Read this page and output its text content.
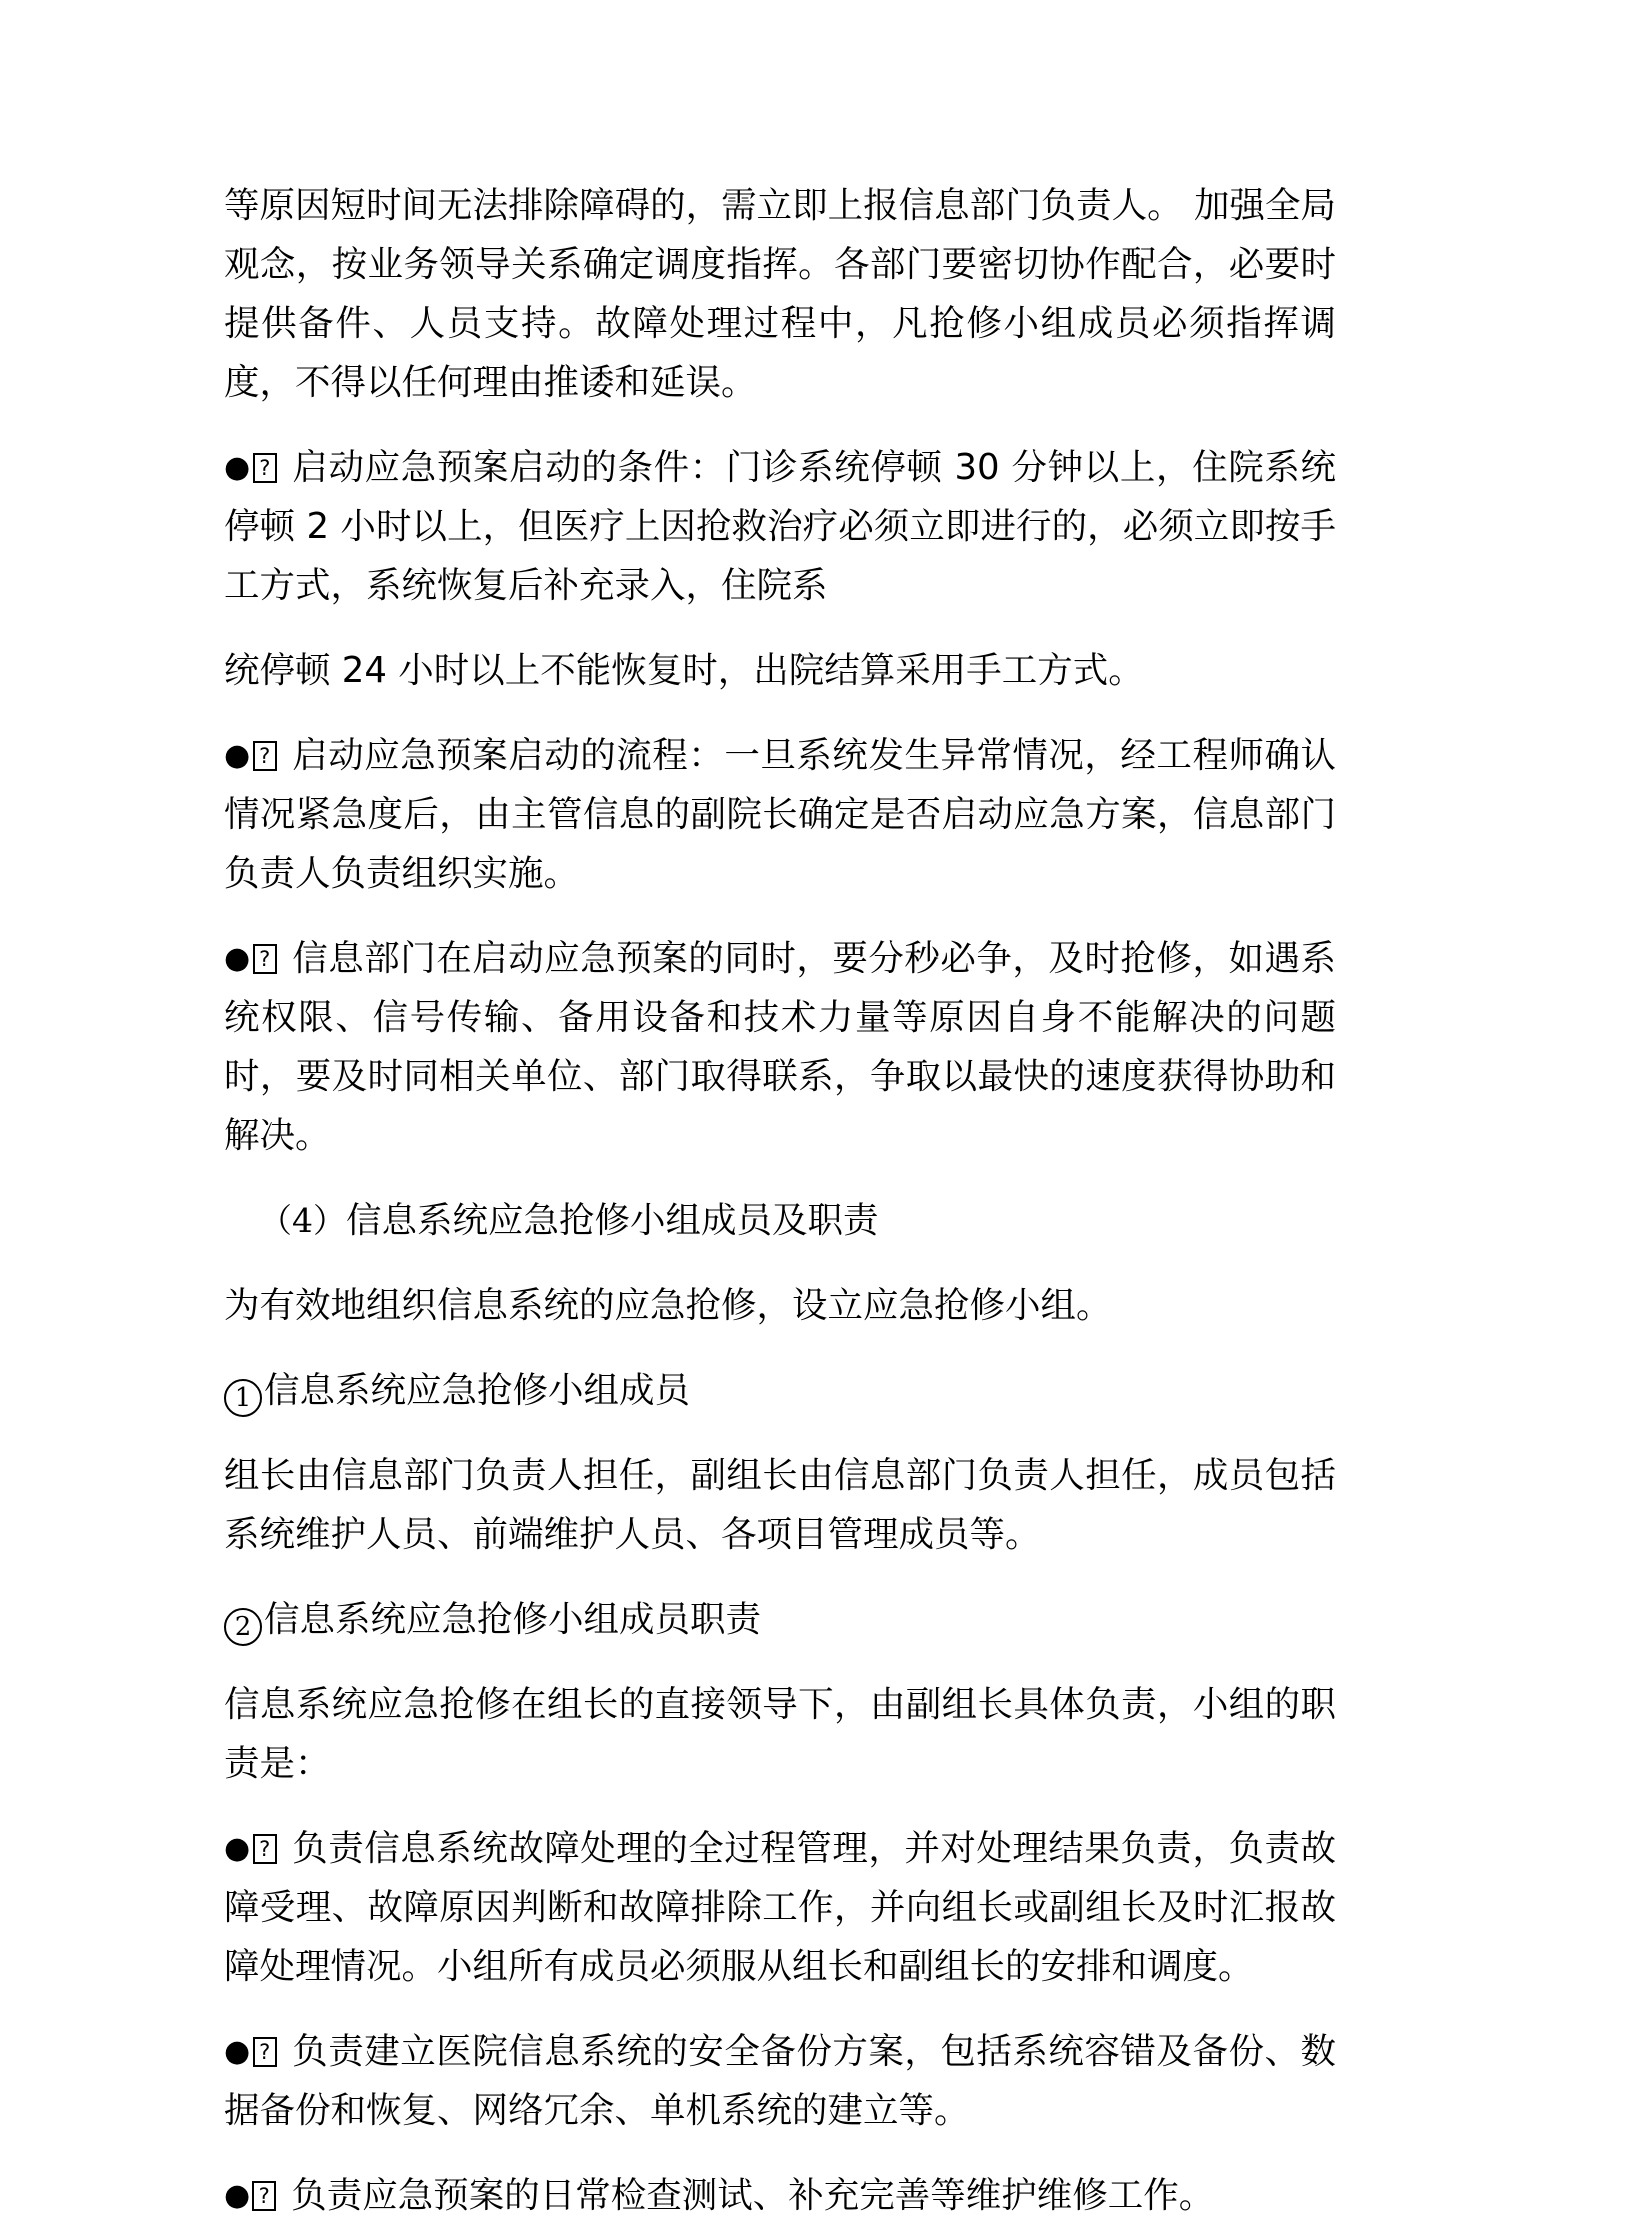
等原因短时间无法排除障碍的，需立即上报信息部门负责人。 加强全局观念，按业务领导关系确定调度指挥。各部门要密切协作配合，必要时提供备件、人员支持。故障处理过程中，凡抢修小组成员必须指挥调度，不得以任何理由推诿和延误。

● ? 启动应急预案启动的条件：门诊系统停顿 30 分钟以上，住院系统停顿 2 小时以上，但医疗上因抢救治疗必须立即进行的，必须立即按手工方式，系统恢复后补充录入，住院系

统停顿 24 小时以上不能恢复时，出院结算采用手工方式。

● ? 启动应急预案启动的流程：一旦系统发生异常情况，经工程师确认情况紧急度后，由主管信息的副院长确定是否启动应急方案，信息部门负责人负责组织实施。

● ? 信息部门在启动应急预案的同时，要分秒必争，及时抢修，如遇系统权限、信号传输、备用设备和技术力量等原因自身不能解决的问题时，要及时同相关单位、部门取得联系，争取以最快的速度获得协助和解决。

（4）信息系统应急抢修小组成员及职责

为有效地组织信息系统的应急抢修，设立应急抢修小组。

1 信息系统应急抢修小组成员

组长由信息部门负责人担任，副组长由信息部门负责人担任，成员包括系统维护人员、前端维护人员、各项目管理成员等。

2 信息系统应急抢修小组成员职责

信息系统应急抢修在组长的直接领导下，由副组长具体负责，小组的职责是：

● ? 负责信息系统故障处理的全过程管理，并对处理结果负责，负责故障受理、故障原因判断和故障排除工作，并向组长或副组长及时汇报故障处理情况。小组所有成员必须服从组长和副组长的安排和调度。

● ? 负责建立医院信息系统的安全备份方案，包括系统容错及备份、数据备份和恢复、网络冗余、单机系统的建立等。

● ? 负责应急预案的日常检查测试、补充完善等维护维修工作。
